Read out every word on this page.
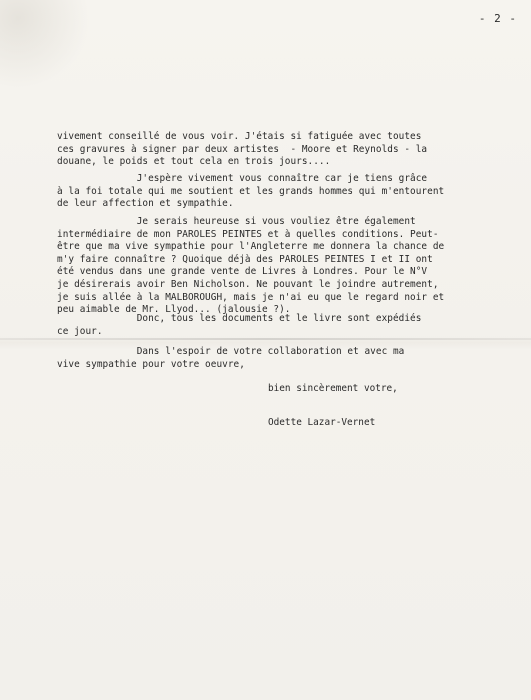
- 2 -
vivement conseillé de vous voir. J'étais si fatiguée avec toutes
ces gravures à signer par deux artistes  - Moore et Reynolds - la
douane, le poids et tout cela en trois jours....
J'espère vivement vous connaître car je tiens grâce
à la foi totale qui me soutient et les grands hommes qui m'entourent
de leur affection et sympathie.
Je serais heureuse si vous vouliez être également
intermédiaire de mon PAROLES PEINTES et à quelles conditions. Peut-
être que ma vive sympathie pour l'Angleterre me donnera la chance de
m'y faire connaître ? Quoique déjà des PAROLES PEINTES I et II ont
été vendus dans une grande vente de Livres à Londres. Pour le N°V
je désirerais avoir Ben Nicholson. Ne pouvant le joindre autrement,
je suis allée à la MALBOROUGH, mais je n'ai eu que le regard noir et
peu aimable de Mr. Llyod... (jalousie ?).
Donc, tous les documents et le livre sont expédiés
ce jour.
Dans l'espoir de votre collaboration et avec ma
vive sympathie pour votre oeuvre,
bien sincèrement votre,
Odette Lazar-Vernet
